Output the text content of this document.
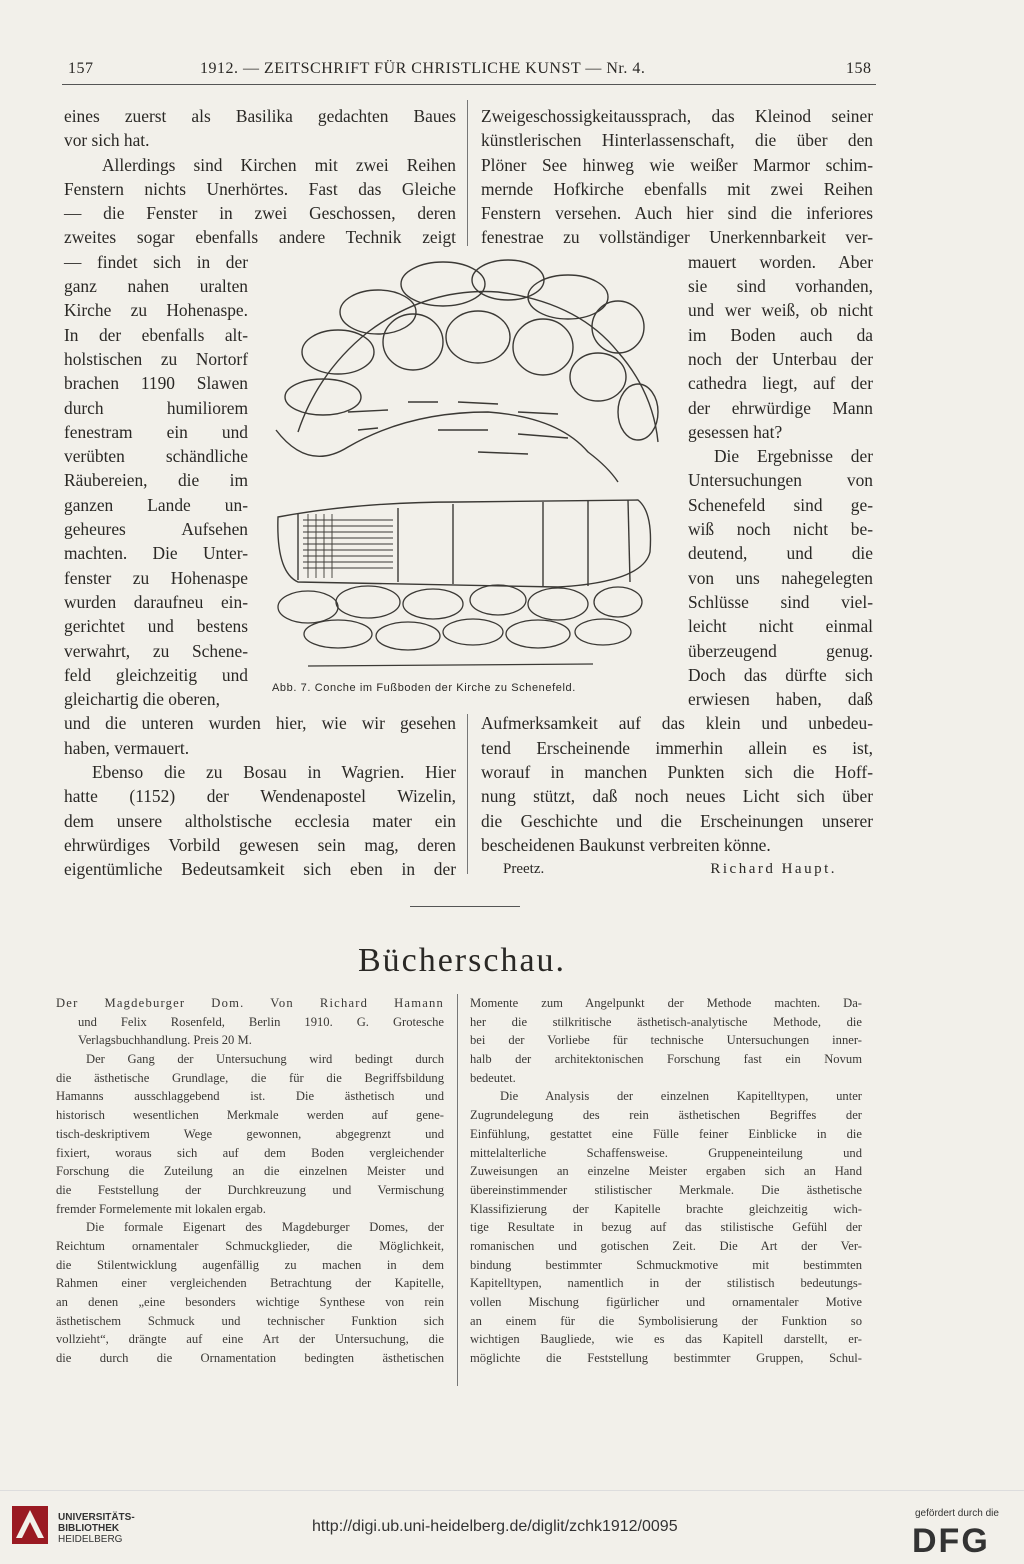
157	1912. — ZEITSCHRIFT FÜR CHRISTLICHE KUNST — Nr. 4.	158
eines zuerst als Basilika gedachten Baues
vor sich hat.
Allerdings sind Kirchen mit zwei Reihen
Fenstern nichts Unerhörtes. Fast das Gleiche
— die Fenster in zwei Geschossen, deren
zweites sogar ebenfalls andere Technik zeigt
— findet sich in der
ganz nahen uralten
Kirche zu Hohenaspe.
In der ebenfalls alt-
holstischen zu Nortorf
brachen 1190 Slawen
durch humiliorem
fenestram ein und
verübten schändliche
Räubereien, die im
ganzen Lande un-
geheures Aufsehen
machten. Die Unter-
fenster zu Hohenaspe
wurden daraufneu ein-
gerichtet und bestens
verwahrt, zu Schene-
feld gleichzeitig und
gleichartig die oberen,
und die unteren wurden hier, wie wir gesehen
haben, vermauert.
Ebenso die zu Bosau in Wagrien. Hier
hatte (1152) der Wendenapostel Wizelin,
dem unsere altholstische ecclesia mater ein
ehrwürdiges Vorbild gewesen sein mag, deren
eigentümliche Bedeutsamkeit sich eben in der
Zweigeschossigkeitaussprach, das Kleinod seiner
künstlerischen Hinterlassenschaft, die über den
Plöner See hinweg wie weißer Marmor schim-
mernde Hofkirche ebenfalls mit zwei Reihen
Fenstern versehen. Auch hier sind die inferiores
fenestrae zu vollständiger Unerkennbarkeit ver-
mauert worden. Aber
sie sind vorhanden,
und wer weiß, ob nicht
im Boden auch da
noch der Unterbau der
cathedra liegt, auf der
der ehrwürdige Mann
gesessen hat?
Die Ergebnisse der
Untersuchungen von
Schenefeld sind ge-
wiß noch nicht be-
deutend, und die
von uns nahegelegten
Schlüsse sind viel-
leicht nicht einmal
überzeugend genug.
Doch das dürfte sich
erwiesen haben, daß
Aufmerksamkeit auf das klein und unbedeu-
tend Erscheinende immerhin allein es ist,
worauf in manchen Punkten sich die Hoff-
nung stützt, daß noch neues Licht sich über
die Geschichte und die Erscheinungen unserer
bescheidenen Baukunst verbreiten könne.
Preetz.	Richard Haupt.
Abb. 7. Conche im Fußboden der Kirche zu Schenefeld.
Bücherschau.
Der Magdeburger Dom. Von Richard Hamann
und Felix Rosenfeld, Berlin 1910. G. Grotesche
Verlagsbuchhandlung. Preis 20 M.
Der Gang der Untersuchung wird bedingt durch
die ästhetische Grundlage, die für die Begriffsbildung
Hamanns ausschlaggebend ist. Die ästhetisch und
historisch wesentlichen Merkmale werden auf gene-
tisch-deskriptivem Wege gewonnen, abgegrenzt und
fixiert, woraus sich auf dem Boden vergleichender
Forschung die Zuteilung an die einzelnen Meister und
die Feststellung der Durchkreuzung und Vermischung
fremder Formelemente mit lokalen ergab.
Die formale Eigenart des Magdeburger Domes, der
Reichtum ornamentaler Schmuckglieder, die Möglichkeit,
die Stilentwicklung augenfällig zu machen in dem
Rahmen einer vergleichenden Betrachtung der Kapitelle,
an denen „eine besonders wichtige Synthese von rein
ästhetischem Schmuck und technischer Funktion sich
vollzieht“, drängte auf eine Art der Untersuchung, die
die durch die Ornamentation bedingten ästhetischen
Momente zum Angelpunkt der Methode machten. Da-
her die stilkritische ästhetisch-analytische Methode, die
bei der Vorliebe für technische Untersuchungen inner-
halb der architektonischen Forschung fast ein Novum
bedeutet.
Die Analysis der einzelnen Kapitelltypen, unter
Zugrundelegung des rein ästhetischen Begriffes der
Einfühlung, gestattet eine Fülle feiner Einblicke in die
mittelalterliche Schaffensweise. Gruppeneinteilung und
Zuweisungen an einzelne Meister ergaben sich an Hand
übereinstimmender stilistischer Merkmale. Die ästhetische
Klassifizierung der Kapitelle brachte gleichzeitig wich-
tige Resultate in bezug auf das stilistische Gefühl der
romanischen und gotischen Zeit. Die Art der Ver-
bindung bestimmter Schmuckmotive mit bestimmten
Kapitelltypen, namentlich in der stilistisch bedeutungs-
vollen Mischung figürlicher und ornamentaler Motive
an einem für die Symbolisierung der Funktion so
wichtigen Baugliede, wie es das Kapitell darstellt, er-
möglichte die Feststellung bestimmter Gruppen, Schul-
UNIVERSITÄTS-
BIBLIOTHEK
HEIDELBERG
http://digi.ub.uni-heidelberg.de/diglit/zchk1912/0095
gefördert durch die
DFG
